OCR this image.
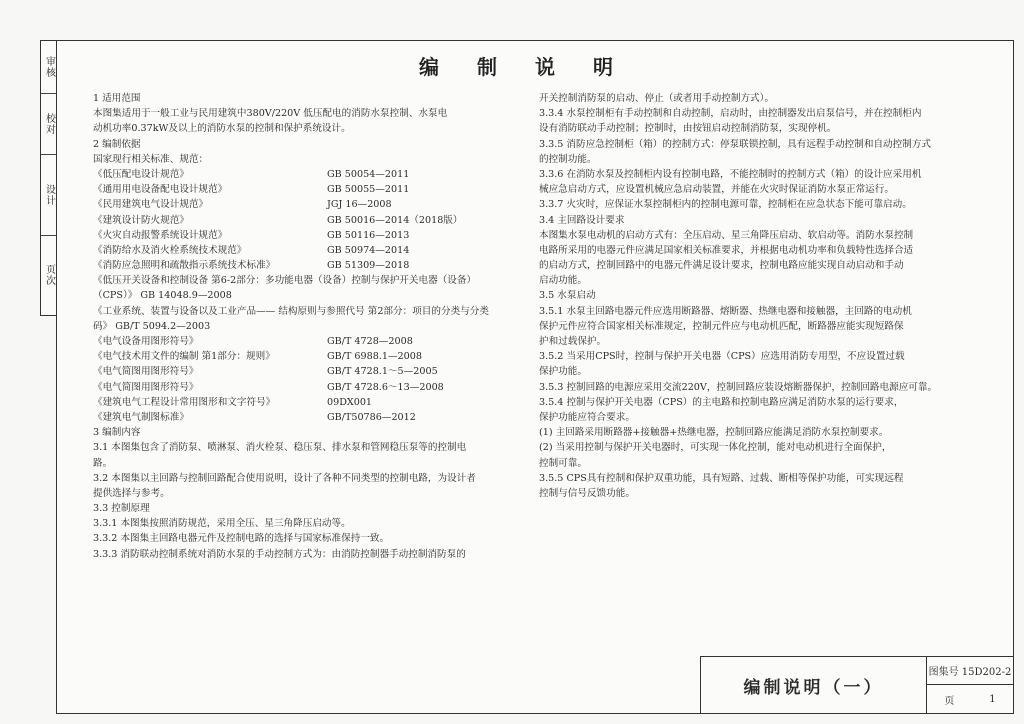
审核
校对
设计
页次
编制说明
1 适用范围
本图集适用于一般工业与民用建筑中380V/220V 低压配电的消防水泵控制、水泵电
动机功率0.37kW及以上的消防水泵的控制和保护系统设计。
2 编制依据
国家现行相关标准、规范：
《低压配电设计规范》	GB 50054—2011
《通用用电设备配电设计规范》	GB 50055—2011
《民用建筑电气设计规范》	JGJ 16—2008
《建筑设计防火规范》	GB 50016—2014（2018版）
《火灾自动报警系统设计规范》	GB 50116—2013
《消防给水及消火栓系统技术规范》	GB 50974—2014
《消防应急照明和疏散指示系统技术标准》	GB 51309—2018
《低压开关设备和控制设备 第6-2部分：多功能电器（设备）控制与保护开关电器（设备）
（CPS）》 GB 14048.9—2008
《工业系统、装置与设备以及工业产品—— 结构原则与参照代号 第2部分：项目的分类与分类
码》 GB/T 5094.2—2003
《电气设备用图形符号》	GB/T 4728—2008
《电气技术用文件的编制 第1部分：规则》	GB/T 6988.1—2008
《电气简图用图形符号》	GB/T 4728.1～5—2005
《电气简图用图形符号》	GB/T 4728.6～13—2008
《建筑电气工程设计常用图形和文字符号》	09DX001
《建筑电气制图标准》	GB/T50786—2012
3 编制内容
3.1 本图集包含了消防泵、喷淋泵、消火栓泵、稳压泵、排水泵和管网稳压泵等的控制电
路。
3.2 本图集以主回路与控制回路配合使用说明，设计了各种不同类型的控制电路，为设计者
提供选择与参考。
3.3 控制原理
3.3.1 本图集按照消防规范，采用全压、星三角降压启动等。
3.3.2 本图集主回路电器元件及控制电路的选择与国家标准保持一致。
3.3.3 消防联动控制系统对消防水泵的手动控制方式为：由消防控制器手动控制消防泵的
开关控制消防泵的启动、停止（或者用手动控制方式）。
3.3.4 水泵控制柜有手动控制和自动控制，启动时，由控制器发出启泵信号，并在控制柜内
设有消防联动手动控制；控制时，由按钮启动控制消防泵，实现停机。
3.3.5 消防应急控制柜（箱）的控制方式：停泵联锁控制，具有远程手动控制和自动控制方式
的控制功能。
3.3.6 在消防水泵及控制柜内设有控制电路，不能控制时的控制方式（箱）的设计应采用机
械应急启动方式，应设置机械应急启动装置，并能在火灾时保证消防水泵正常运行。
3.3.7 火灾时，应保证水泵控制柜内的控制电源可靠，控制柜在应急状态下能可靠启动。
3.4 主回路设计要求
本图集水泵电动机的启动方式有：全压启动、星三角降压启动、软启动等。消防水泵控制
电路所采用的电器元件应满足国家相关标准要求，并根据电动机功率和负载特性选择合适
的启动方式，控制回路中的电器元件满足设计要求，控制电路应能实现自动启动和手动
启动功能。
3.5 水泵启动
3.5.1 水泵主回路电器元件应选用断路器、熔断器、热继电器和接触器，主回路的电动机
保护元件应符合国家相关标准规定，控制元件应与电动机匹配，断路器应能实现短路保
护和过载保护。
3.5.2 当采用CPS时，控制与保护开关电器（CPS）应选用消防专用型，不应设置过载
保护功能。
3.5.3 控制回路的电源应采用交流220V，控制回路应装设熔断器保护，控制回路电源应可靠。
3.5.4 控制与保护开关电器（CPS）的主电路和控制电路应满足消防水泵的运行要求，
保护功能应符合要求。
(1) 主回路采用断路器+接触器+热继电器，控制回路应能满足消防水泵控制要求。
(2) 当采用控制与保护开关电器时，可实现一体化控制，能对电动机进行全面保护，
控制可靠。
3.5.5 CPS具有控制和保护双重功能，具有短路、过载、断相等保护功能，可实现远程
控制与信号反馈功能。
编制说明（一）
图集号 15D202-2
页	1
